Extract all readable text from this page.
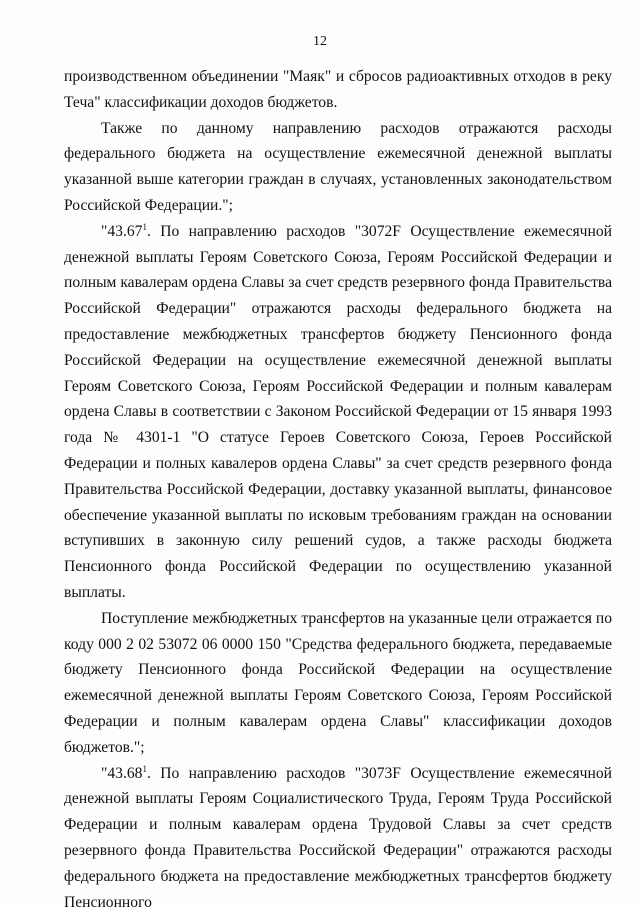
12

производственном объединении "Маяк" и сбросов радиоактивных отходов в реку Теча" классификации доходов бюджетов.

Также по данному направлению расходов отражаются расходы федерального бюджета на осуществление ежемесячной денежной выплаты указанной выше категории граждан в случаях, установленных законодательством Российской Федерации.";

"43.67$^1$. По направлению расходов "3072F Осуществление ежемесячной денежной выплаты Героям Советского Союза, Героям Российской Федерации и полным кавалерам ордена Славы за счет средств резервного фонда Правительства Российской Федерации" отражаются расходы федерального бюджета на предоставление межбюджетных трансфертов бюджету Пенсионного фонда Российской Федерации на осуществление ежемесячной денежной выплаты Героям Советского Союза, Героям Российской Федерации и полным кавалерам ордена Славы в соответствии с Законом Российской Федерации от 15 января 1993 года № 4301-1 "О статусе Героев Советского Союза, Героев Российской Федерации и полных кавалеров ордена Славы" за счет средств резервного фонда Правительства Российской Федерации, доставку указанной выплаты, финансовое обеспечение указанной выплаты по исковым требованиям граждан на основании вступивших в законную силу решений судов, а также расходы бюджета Пенсионного фонда Российской Федерации по осуществлению указанной выплаты.

Поступление межбюджетных трансфертов на указанные цели отражается по коду 000 2 02 53072 06 0000 150 "Средства федерального бюджета, передаваемые бюджету Пенсионного фонда Российской Федерации на осуществление ежемесячной денежной выплаты Героям Советского Союза, Героям Российской Федерации и полным кавалерам ордена Славы" классификации доходов бюджетов.";

"43.68$^1$. По направлению расходов "3073F Осуществление ежемесячной денежной выплаты Героям Социалистического Труда, Героям Труда Российской Федерации и полным кавалерам ордена Трудовой Славы за счет средств резервного фонда Правительства Российской Федерации" отражаются расходы федерального бюджета на предоставление межбюджетных трансфертов бюджету Пенсионного
